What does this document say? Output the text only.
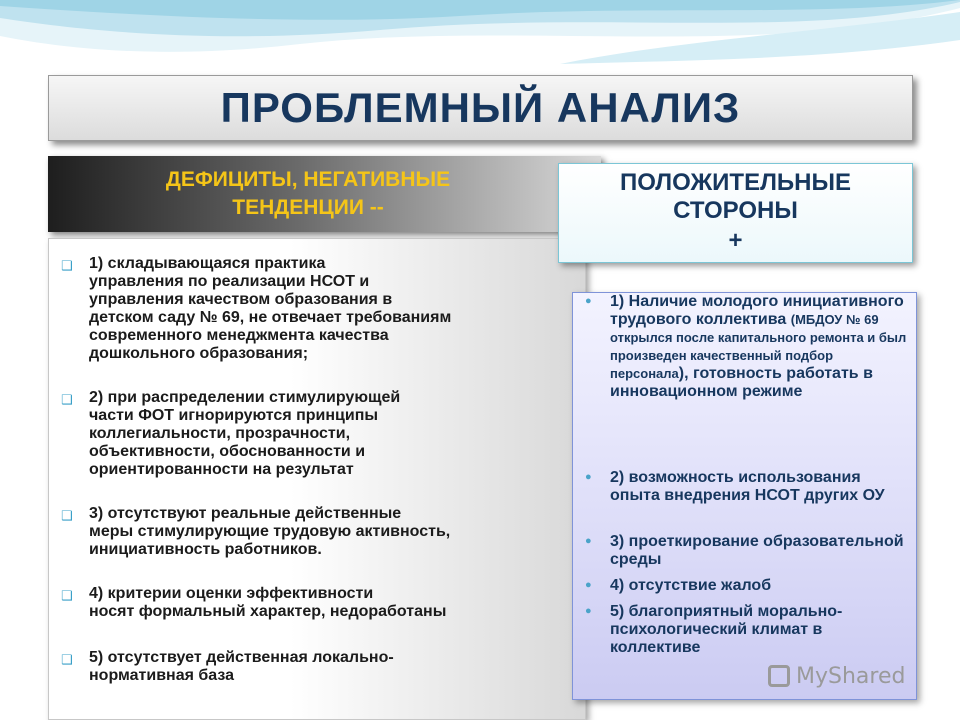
ПРОБЛЕМНЫЙ АНАЛИЗ
ДЕФИЦИТЫ, НЕГАТИВНЫЕ
ТЕНДЕНЦИИ --
❑	1) складывающаяся практика
управления по реализации НСОТ и
управления качеством образования в
детском саду № 69, не отвечает требованиям
современного менеджмента качества
дошкольного образования;
❑	2) при распределении стимулирующей
части ФОТ игнорируются принципы
коллегиальности, прозрачности,
объективности, обоснованности и
ориентированности на результат
❑	3) отсутствуют реальные действенные
меры стимулирующие трудовую активность,
инициативность работников.
❑	4) критерии оценки эффективности
носят формальный характер, недоработаны
❑	5) отсутствует действенная локально-
нормативная база
ПОЛОЖИТЕЛЬНЫЕ
СТОРОНЫ
+
●	1) Наличие молодого инициативного трудового коллектива (МБДОУ № 69 открылся после капитального ремонта и был произведен качественный подбор персонала), готовность работать в инновационном режиме
●	2) возможность использования опыта внедрения НСОТ других ОУ
●	3) проеткирование образовательной среды
●	4) отсутствие жалоб
●	5) благоприятный морально-психологический климат в коллективе
MyShared
